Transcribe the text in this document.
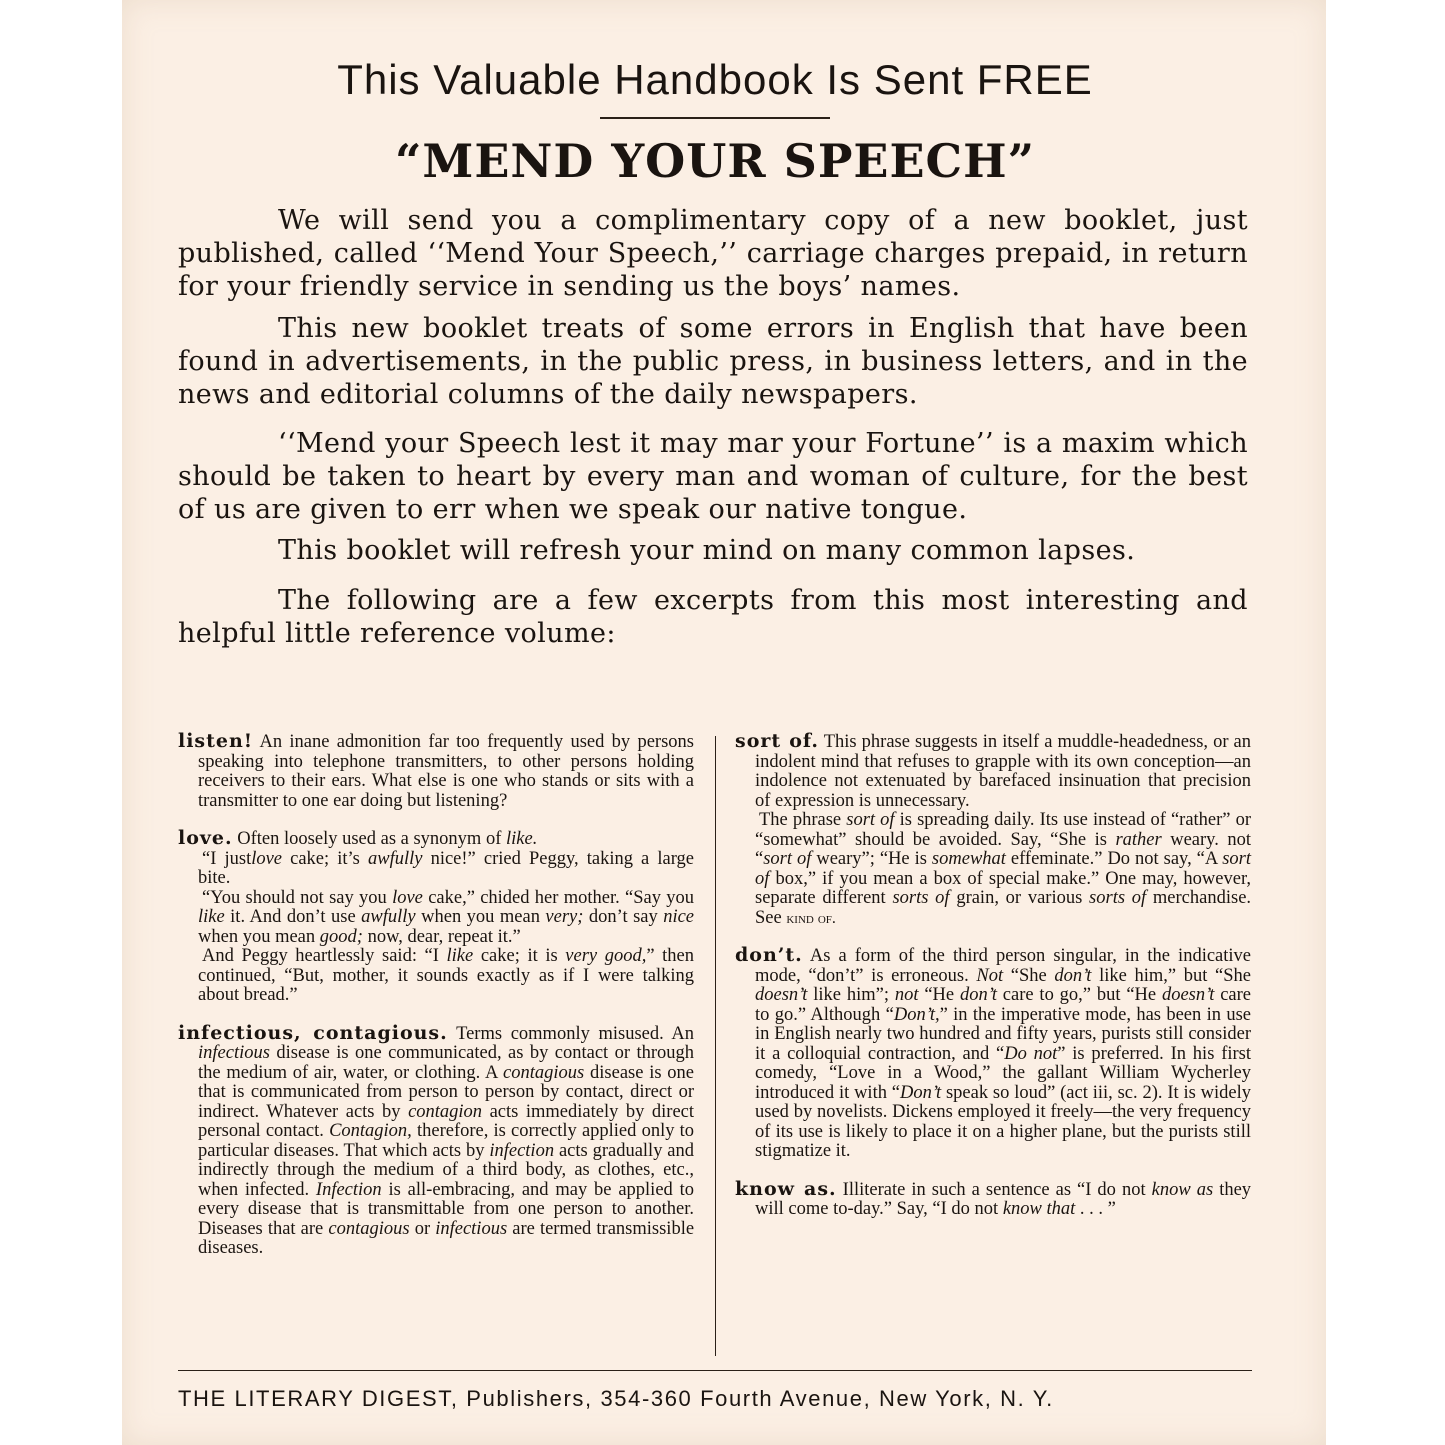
This Valuable Handbook Is Sent FREE
“MEND YOUR SPEECH”

We will send you a complimentary copy of a new booklet, just published, called ‘‘Mend Your Speech,’’ carriage charges prepaid, in return for your friendly service in sending us the boys’ names.

This new booklet treats of some errors in English that have been found in advertisements, in the public press, in business letters, and in the news and editorial columns of the daily newspapers.

‘‘Mend your Speech lest it may mar your Fortune’’ is a maxim which should be taken to heart by every man and woman of culture, for the best of us are given to err when we speak our native tongue.

This booklet will refresh your mind on many common lapses.

The following are a few excerpts from this most interesting and helpful little reference volume:

listen! An inane admonition far too frequently used by persons speaking into telephone transmitters, to other persons holding receivers to their ears. What else is one who stands or sits with a transmitter to one ear doing but listening?

love. Often loosely used as a synonym of like.

“I justlove cake; it’s awfully nice!” cried Peggy, taking a large bite.

“You should not say you love cake,” chided her mother. “Say you like it. And don’t use awfully when you mean very; don’t say nice when you mean good; now, dear, repeat it.”

And Peggy heartlessly said: “I like cake; it is very good,” then continued, “But, mother, it sounds exactly as if I were talking about bread.”

infectious, contagious. Terms commonly misused. An infectious disease is one communicated, as by contact or through the medium of air, water, or clothing. A contagious disease is one that is communicated from person to person by contact, direct or indirect. Whatever acts by contagion acts immediately by direct personal contact. Contagion, therefore, is correctly applied only to particular diseases. That which acts by infection acts gradually and indirectly through the medium of a third body, as clothes, etc., when infected. Infection is all-embracing, and may be applied to every disease that is transmittable from one person to another. Diseases that are contagious or infectious are termed transmissible diseases.

sort of. This phrase suggests in itself a muddle-headedness, or an indolent mind that refuses to grapple with its own conception—an indolence not extenuated by barefaced insinuation that precision of expression is unnecessary.

The phrase sort of is spreading daily. Its use instead of “rather” or “somewhat” should be avoided. Say, “She is rather weary. not “sort of weary”; “He is somewhat effeminate.” Do not say, “A sort of box,” if you mean a box of special make.” One may, however, separate different sorts of grain, or various sorts of merchandise. See kind of.

don’t. As a form of the third person singular, in the indicative mode, “don’t” is erroneous. Not “She don’t like him,” but “She doesn’t like him”; not “He don’t care to go,” but “He doesn’t care to go.” Although “Don’t,” in the imperative mode, has been in use in English nearly two hundred and fifty years, purists still consider it a colloquial contraction, and “Do not” is preferred. In his first comedy, “Love in a Wood,” the gallant William Wycherley introduced it with “Don’t speak so loud” (act iii, sc. 2). It is widely used by novelists. Dickens employed it freely—the very frequency of its use is likely to place it on a higher plane, but the purists still stigmatize it.

know as. Illiterate in such a sentence as “I do not know as they will come to-day.” Say, “I do not know that . . . ”

THE LITERARY DIGEST, Publishers, 354-360 Fourth Avenue, New York, N. Y.
